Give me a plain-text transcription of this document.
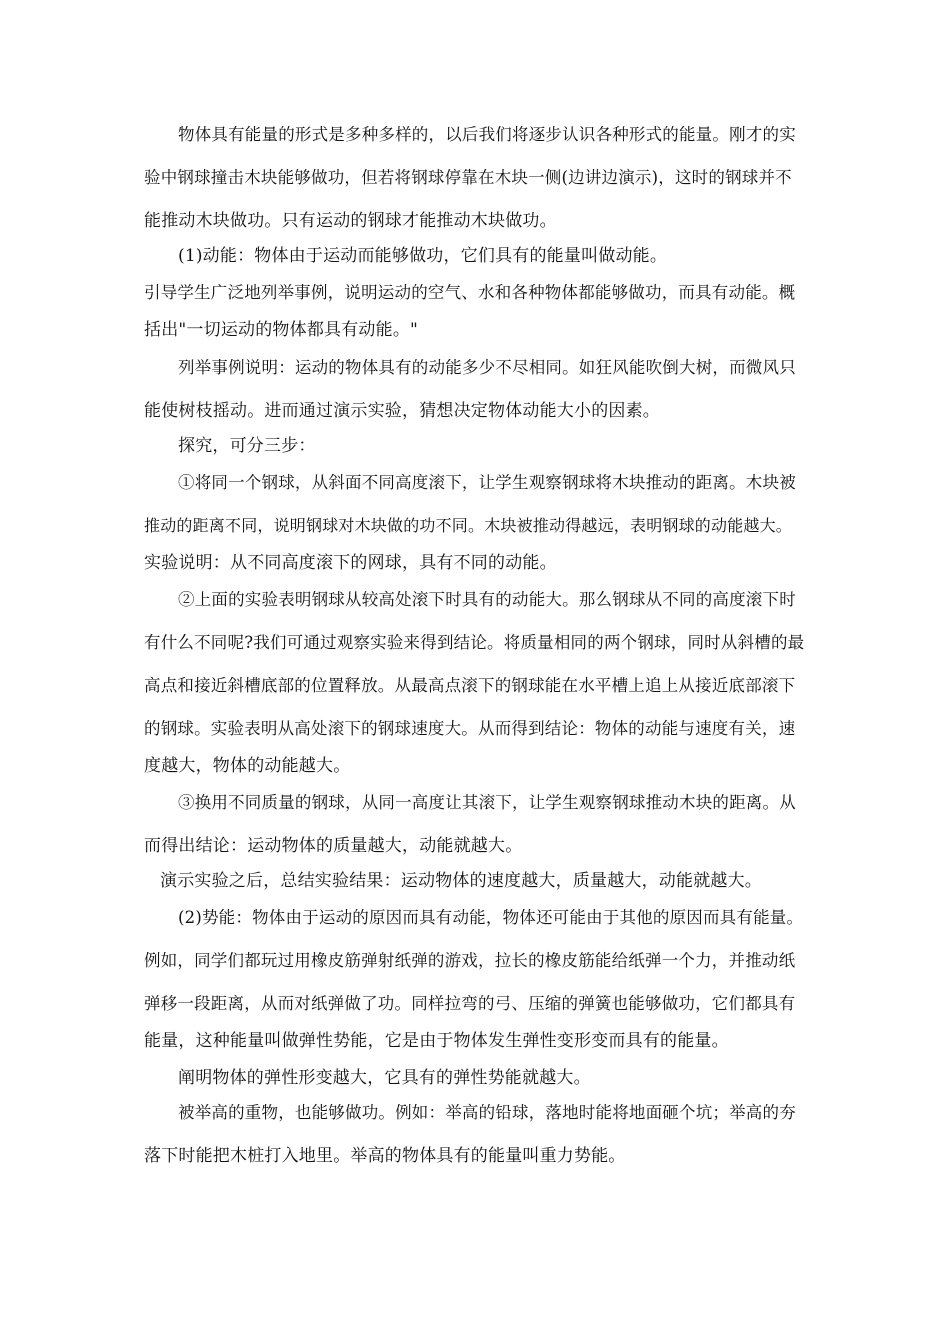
物体具有能量的形式是多种多样的，以后我们将逐步认识各种形式的能量。刚才的实
验中钢球撞击木块能够做功，但若将钢球停靠在木块一侧(边讲边演示)，这时的钢球并不
能推动木块做功。只有运动的钢球才能推动木块做功。
(1)动能：物体由于运动而能够做功，它们具有的能量叫做动能。
引导学生广泛地列举事例，说明运动的空气、水和各种物体都能够做功，而具有动能。概
括出"一切运动的物体都具有动能。"
列举事例说明：运动的物体具有的动能多少不尽相同。如狂风能吹倒大树，而微风只
能使树枝摇动。进而通过演示实验，猜想决定物体动能大小的因素。
探究，可分三步：
①将同一个钢球，从斜面不同高度滚下，让学生观察钢球将木块推动的距离。木块被
推动的距离不同，说明钢球对木块做的功不同。木块被推动得越远，表明钢球的动能越大。
实验说明：从不同高度滚下的网球，具有不同的动能。
②上面的实验表明钢球从较高处滚下时具有的动能大。那么钢球从不同的高度滚下时
有什么不同呢?我们可通过观察实验来得到结论。将质量相同的两个钢球，同时从斜槽的最
高点和接近斜槽底部的位置释放。从最高点滚下的钢球能在水平槽上追上从接近底部滚下
的钢球。实验表明从高处滚下的钢球速度大。从而得到结论：物体的动能与速度有关，速
度越大，物体的动能越大。
③换用不同质量的钢球，从同一高度让其滚下，让学生观察钢球推动木块的距离。从
而得出结论：运动物体的质量越大，动能就越大。
演示实验之后，总结实验结果：运动物体的速度越大，质量越大，动能就越大。
(2)势能：物体由于运动的原因而具有动能，物体还可能由于其他的原因而具有能量。
例如，同学们都玩过用橡皮筋弹射纸弹的游戏，拉长的橡皮筋能给纸弹一个力，并推动纸
弹移一段距离，从而对纸弹做了功。同样拉弯的弓、压缩的弹簧也能够做功，它们都具有
能量，这种能量叫做弹性势能，它是由于物体发生弹性变形变而具有的能量。
阐明物体的弹性形变越大，它具有的弹性势能就越大。
被举高的重物，也能够做功。例如：举高的铅球，落地时能将地面砸个坑；举高的夯
落下时能把木桩打入地里。举高的物体具有的能量叫重力势能。
